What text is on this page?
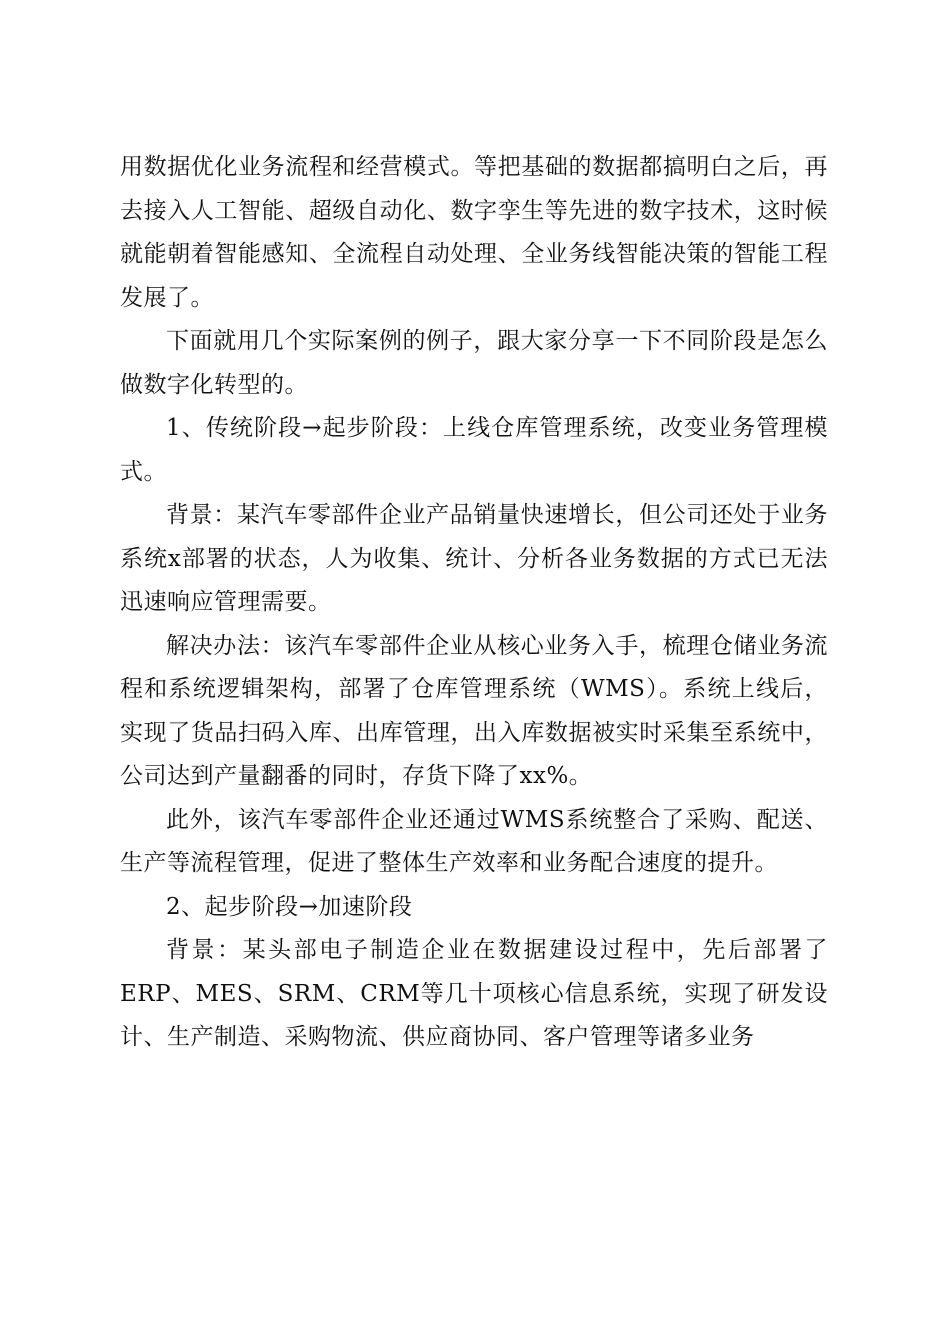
用数据优化业务流程和经营模式。等把基础的数据都搞明白之后，再去接入人工智能、超级自动化、数字孪生等先进的数字技术，这时候就能朝着智能感知、全流程自动处理、全业务线智能决策的智能工程发展了。

下面就用几个实际案例的例子，跟大家分享一下不同阶段是怎么做数字化转型的。

1、传统阶段→起步阶段：上线仓库管理系统，改变业务管理模式。

背景：某汽车零部件企业产品销量快速增长，但公司还处于业务系统x部署的状态，人为收集、统计、分析各业务数据的方式已无法迅速响应管理需要。

解决办法：该汽车零部件企业从核心业务入手，梳理仓储业务流程和系统逻辑架构，部署了仓库管理系统（WMS）。系统上线后，实现了货品扫码入库、出库管理，出入库数据被实时采集至系统中，公司达到产量翻番的同时，存货下降了xx%。

此外，该汽车零部件企业还通过WMS系统整合了采购、配送、生产等流程管理，促进了整体生产效率和业务配合速度的提升。

2、起步阶段→加速阶段

背景：某头部电子制造企业在数据建设过程中，先后部署了ERP、MES、SRM、CRM等几十项核心信息系统，实现了研发设计、生产制造、采购物流、供应商协同、客户管理等诸多业务
